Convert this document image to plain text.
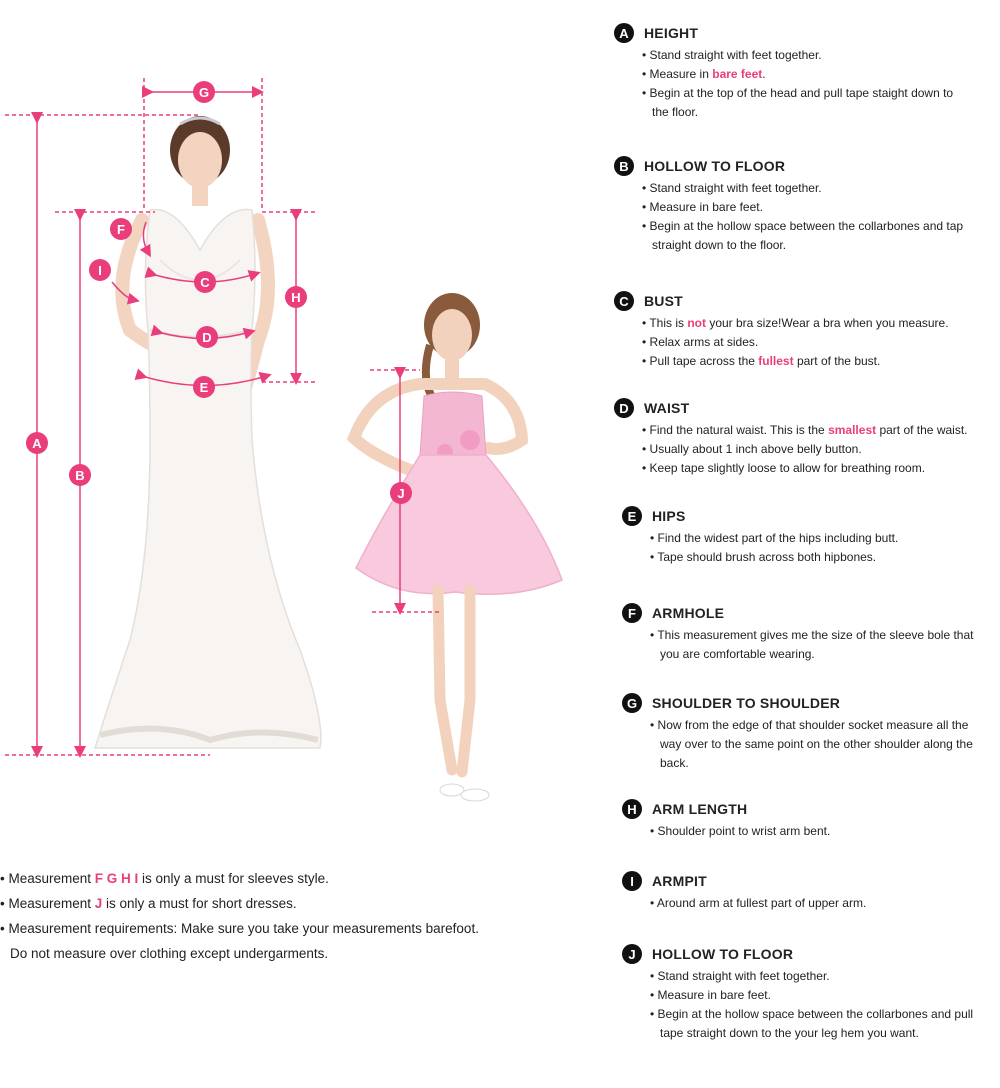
G
F
I
C
H
D
E
A
B
J
A	HEIGHT
• Stand straight with feet together.
• Measure in bare feet.
• Begin at the top of the head and pull tape staight down to
the floor.
B	HOLLOW TO FLOOR
• Stand straight with feet together.
• Measure in bare feet.
• Begin at the hollow space between the collarbones and tap
straight down to the floor.
C	BUST
• This is not your bra size!Wear a bra when you measure.
• Relax arms at sides.
• Pull tape across the fullest part of the bust.
D	WAIST
• Find the natural waist. This is the smallest part of the waist.
• Usually about 1 inch above belly button.
• Keep tape slightly loose to allow for breathing room.
E	HIPS
• Find the widest part of the hips including butt.
• Tape should brush across both hipbones.
F	ARMHOLE
• This measurement gives me the size of the sleeve bole that
you are comfortable wearing.
G	SHOULDER TO SHOULDER
• Now from the edge of that shoulder socket measure all the
way over to the same point on the other shoulder along the
back.
H	ARM LENGTH
• Shoulder point to wrist arm bent.
I	ARMPIT
• Around arm at fullest part of upper arm.
J	HOLLOW TO FLOOR
• Stand straight with feet together.
• Measure in bare feet.
• Begin at the hollow space between the collarbones and pull
tape straight down to the your leg hem you want.
• Measurement F G H I is only a must for sleeves style.
• Measurement J is only a must for short dresses.
• Measurement requirements: Make sure you take your measurements barefoot.
Do not measure over clothing except undergarments.
